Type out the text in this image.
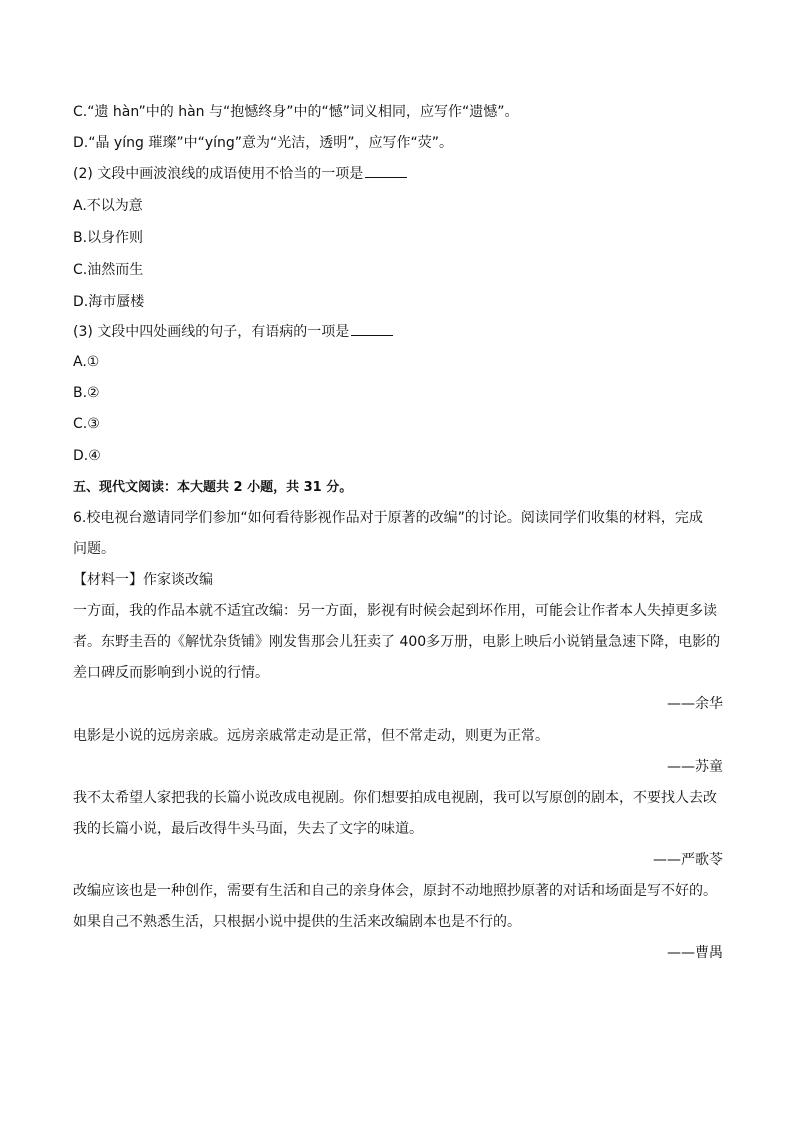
C.“遗 hàn”中的 hàn 与“抱憾终身”中的“憾”词义相同，应写作“遗憾”。
D.“晶 yíng 璀璨”中“yíng”意为“光洁，透明”，应写作“荧”。
(2) 文段中画波浪线的成语使用不恰当的一项是
A.不以为意
B.以身作则
C.油然而生
D.海市蜃楼
(3) 文段中四处画线的句子，有语病的一项是
A.①
B.②
C.③
D.④
五、现代文阅读：本大题共 2 小题，共 31 分。
6.校电视台邀请同学们参加“如何看待影视作品对于原著的改编”的讨论。阅读同学们收集的材料，完成
问题。
【材料一】作家谈改编
一方面，我的作品本就不适宜改编：另一方面，影视有时候会起到坏作用，可能会让作者本人失掉更多读
者。东野圭吾的《解忧杂货铺》刚发售那会儿狂卖了 400多万册，电影上映后小说销量急速下降，电影的
差口碑反而影响到小说的行情。
——余华
电影是小说的远房亲戚。远房亲戚常走动是正常，但不常走动，则更为正常。
——苏童
我不太希望人家把我的长篇小说改成电视剧。你们想要拍成电视剧，我可以写原创的剧本，不要找人去改
我的长篇小说，最后改得牛头马面，失去了文字的味道。
——严歌苓
改编应该也是一种创作，需要有生活和自己的亲身体会，原封不动地照抄原著的对话和场面是写不好的。
如果自己不熟悉生活，只根据小说中提供的生活来改编剧本也是不行的。
——曹禺
